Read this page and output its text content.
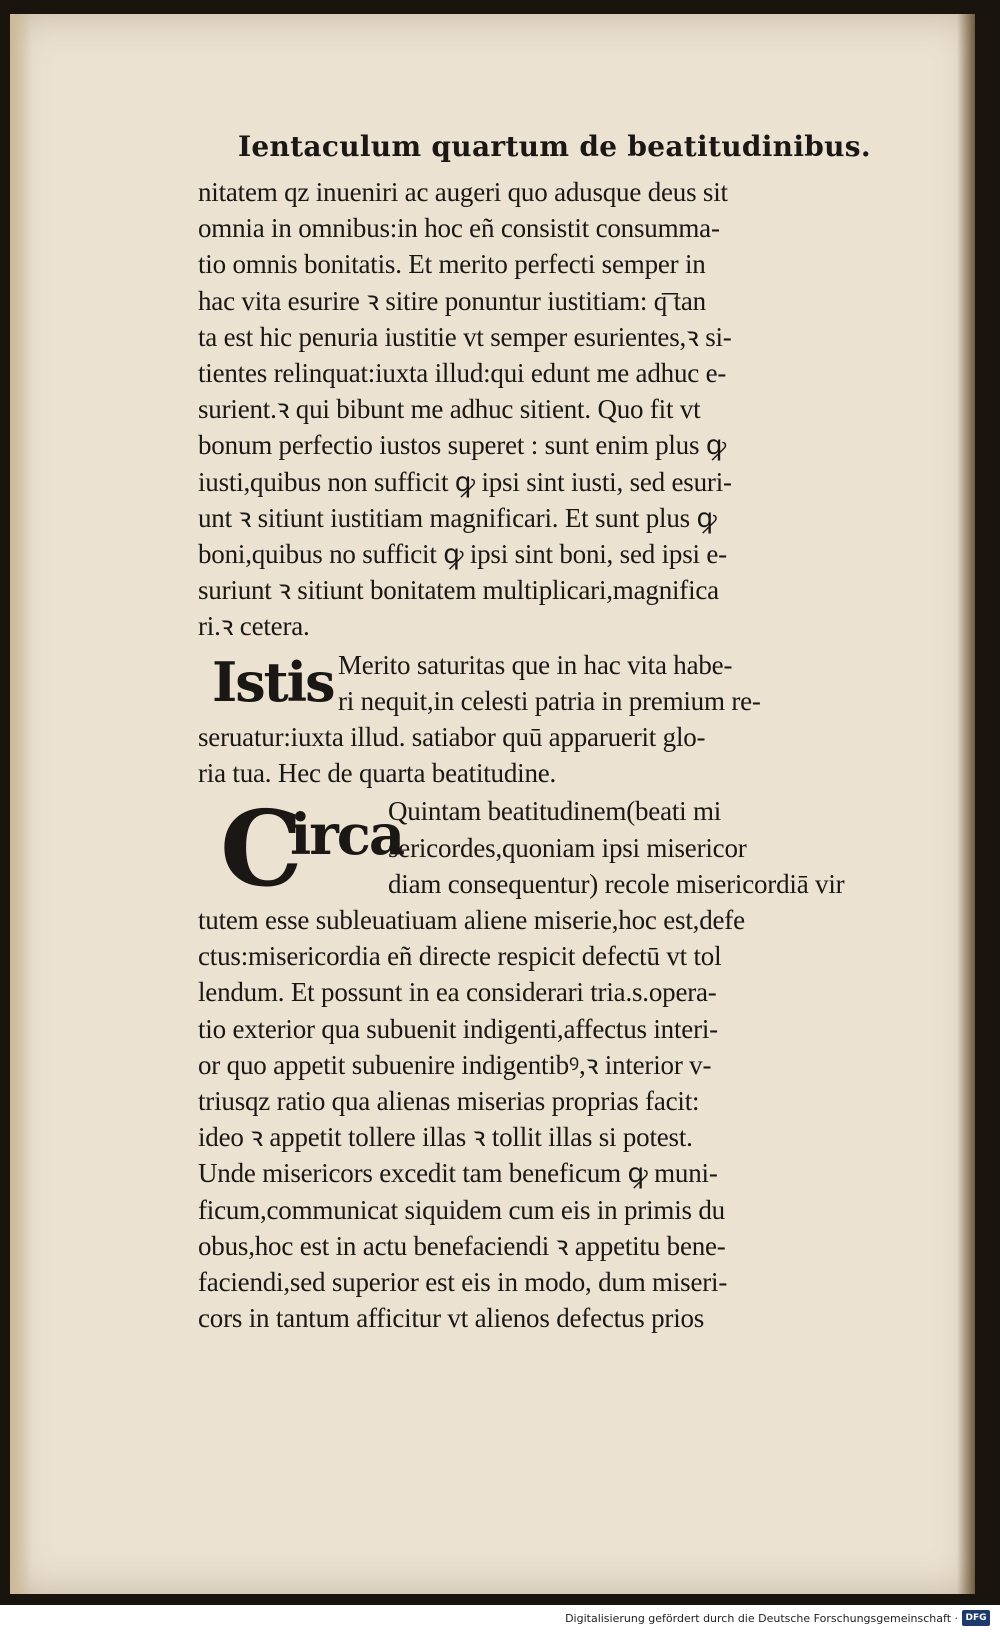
Ientaculum quartum de beatitudinibus.
nitatem qz inueniri ac augeri quo adusque deus sit
omnia in omnibus:in hoc eñ consistit consumma-
tio omnis bonitatis. Et merito perfecti semper in
hac vita esurire ꝛ sitire ponuntur iustitiam: q͞ tan
ta est hic penuria iustitie vt semper esurientes,ꝛ si-
tientes relinquat:iuxta illud:qui edunt me adhuc e-
surient.ꝛ qui bibunt me adhuc sitient. Quo fit vt
bonum perfectio iustos superet : sunt enim plus ꝙ
iusti,quibus non sufficit ꝙ ipsi sint iusti, sed esuri-
unt ꝛ sitiunt iustitiam magnificari. Et sunt plus ꝙ
boni,quibus no sufficit ꝙ ipsi sint boni, sed ipsi e-
suriunt ꝛ sitiunt bonitatem multiplicari,magnifica
ri.ꝛ cetera.
Istis Merito saturitas que in hac vita habe-
ri nequit,in celesti patria in premium re-
seruatur:iuxta illud. satiabor quū apparuerit glo-
ria tua. Hec de quarta beatitudine.
C
irca
Quintam beatitudinem(beati mi
sericordes,quoniam ipsi misericor
diam consequentur) recole misericordiā vir
tutem esse subleuatiuam aliene miserie,hoc est,defe
ctus:misericordia eñ directe respicit defectū vt tol
lendum. Et possunt in ea considerari tria.s.opera-
tio exterior qua subuenit indigenti,affectus interi-
or quo appetit subuenire indigentibꝰ,ꝛ interior v-
triusqz ratio qua alienas miserias proprias facit:
ideo ꝛ appetit tollere illas ꝛ tollit illas si potest.
Unde misericors excedit tam beneficum ꝙ muni-
ficum,communicat siquidem cum eis in primis du
obus,hoc est in actu benefaciendi ꝛ appetitu bene-
faciendi,sed superior est eis in modo, dum miseri-
cors in tantum afficitur vt alienos defectus prios
Digitalisierung gefördert durch die Deutsche Forschungsgemeinschaft · DFG
